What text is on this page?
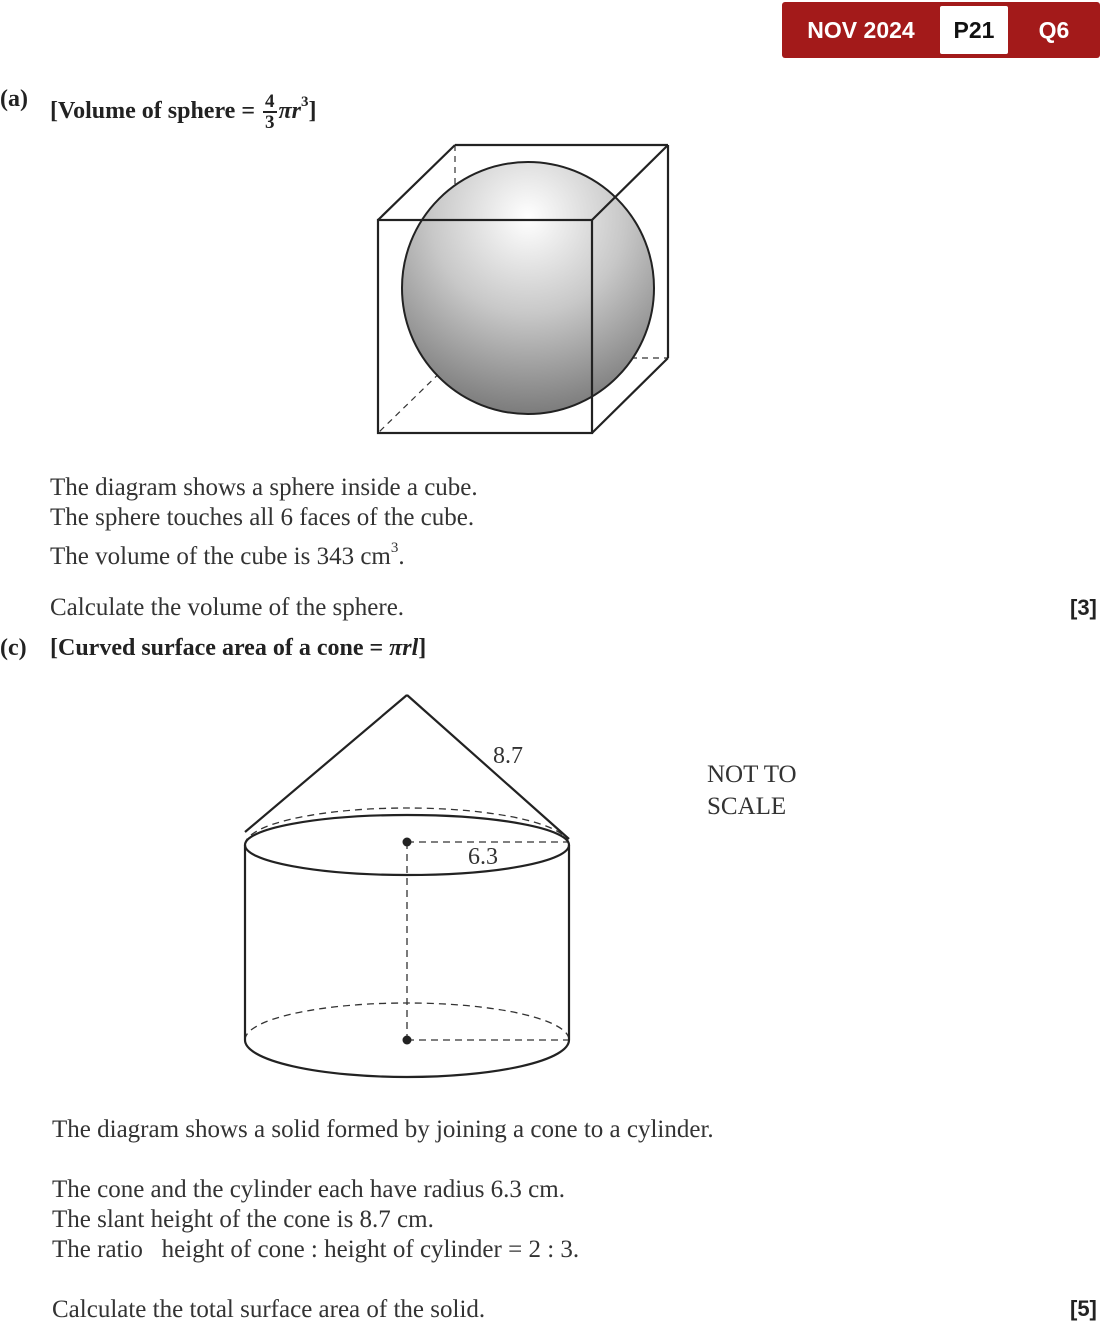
NOV 2024	P21	Q6
(a) [Volume of sphere = $\frac{4}{3} \pi r^3$]
The diagram shows a sphere inside a cube.
The sphere touches all 6 faces of the cube.
The volume of the cube is 343 $cm^3$.
Calculate the volume of the sphere.	[3]
(c) [Curved surface area of a cone = πrl]
8.7
6.3
NOT TO
SCALE
The diagram shows a solid formed by joining a cone to a cylinder.
The cone and the cylinder each have radius 6.3 cm.
The slant height of the cone is 8.7 cm.
The ratio   height of cone : height of cylinder = 2 : 3.
Calculate the total surface area of the solid.	[5]
